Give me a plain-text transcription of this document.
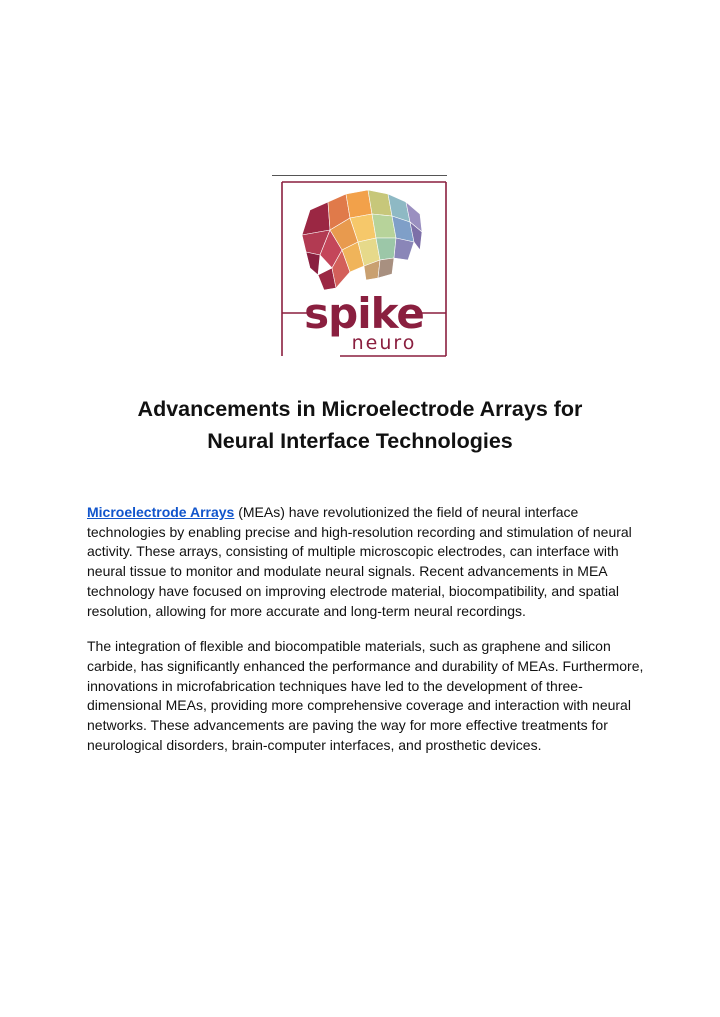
spike
neuro
Advancements in Microelectrode Arrays for
Neural Interface Technologies

Microelectrode Arrays (MEAs) have revolutionized the field of neural interface technologies by enabling precise and high-resolution recording and stimulation of neural activity. These arrays, consisting of multiple microscopic electrodes, can interface with neural tissue to monitor and modulate neural signals. Recent advancements in MEA technology have focused on improving electrode material, biocompatibility, and spatial resolution, allowing for more accurate and long-term neural recordings.

The integration of flexible and biocompatible materials, such as graphene and silicon carbide, has significantly enhanced the performance and durability of MEAs. Furthermore, innovations in microfabrication techniques have led to the development of three-dimensional MEAs, providing more comprehensive coverage and interaction with neural networks. These advancements are paving the way for more effective treatments for neurological disorders, brain-computer interfaces, and prosthetic devices.
